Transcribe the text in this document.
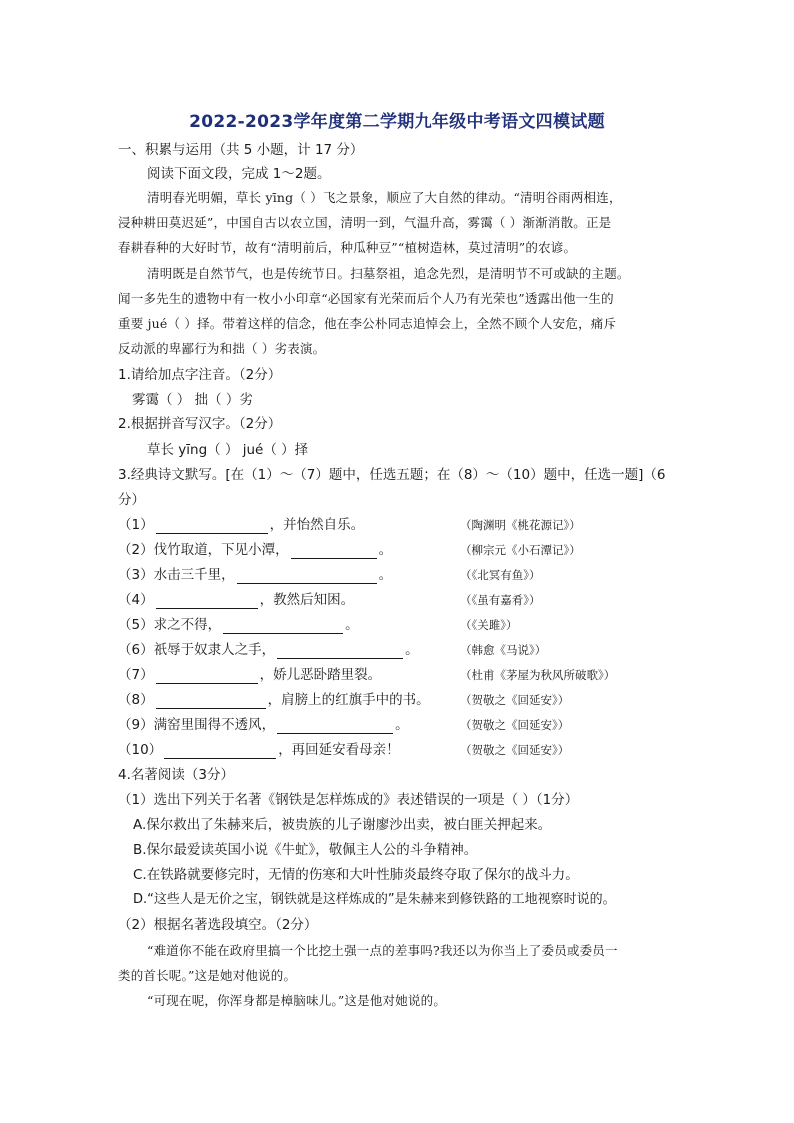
2022-2023学年度第二学期九年级中考语文四模试题
一、积累与运用（共 5 小题，计 17 分）
阅读下面文段，完成 1～2题。
清明春光明媚，草长 yīng（ ）飞之景象，顺应了大自然的律动。“清明谷雨两相连，
浸种耕田莫迟延”，中国自古以农立国，清明一到，气温升高，雾霭（ ）渐渐消散。正是
春耕春种的大好时节，故有“清明前后，种瓜种豆”“植树造林，莫过清明”的农谚。
清明既是自然节气，也是传统节日。扫墓祭祖，追念先烈，是清明节不可或缺的主题。
闻一多先生的遗物中有一枚小小印章“必国家有光荣而后个人乃有光荣也”透露出他一生的
重要 jué（ ）择。带着这样的信念，他在李公朴同志追悼会上，全然不顾个人安危，痛斥
反动派的卑鄙行为和拙（ ）劣表演。
1.请给加点字注音。（2分）
雾霭（ ） 拙（ ）劣
2.根据拼音写汉字。（2分）
草长 yīng（ ） jué（ ）择
3.经典诗文默写。[在（1）～（7）题中，任选五题；在（8）～（10）题中，任选一题]（6
分）
（1）	，并怡然自乐。	（陶渊明《桃花源记》）
（2）伐竹取道，下见小潭，	。	（柳宗元《小石潭记》）
（3）水击三千里，	。	（《北冥有鱼》）
（4）	，教然后知困。	（《虽有嘉肴》）
（5）求之不得，	。	（《关雎》）
（6）祇辱于奴隶人之手，	。	（韩愈《马说》）
（7）	，娇儿恶卧踏里裂。	（杜甫《茅屋为秋风所破歌》）
（8）	，肩膀上的红旗手中的书。	（贺敬之《回延安》）
（9）满窑里围得不透风，	。	（贺敬之《回延安》）
（10）	，再回延安看母亲！	（贺敬之《回延安》）
4.名著阅读（3分）
（1）选出下列关于名著《钢铁是怎样炼成的》表述错误的一项是（ ）（1分）
A.保尔救出了朱赫来后，被贵族的儿子谢廖沙出卖，被白匪关押起来。
B.保尔最爱读英国小说《牛虻》，敬佩主人公的斗争精神。
C.在铁路就要修完时，无情的伤寒和大叶性肺炎最终夺取了保尔的战斗力。
D.“这些人是无价之宝，钢铁就是这样炼成的”是朱赫来到修铁路的工地视察时说的。
（2）根据名著选段填空。（2分）
“难道你不能在政府里搞一个比挖土强一点的差事吗?我还以为你当上了委员或委员一
类的首长呢。”这是她对他说的。
“可现在呢，你浑身都是樟脑味儿。”这是他对她说的。
